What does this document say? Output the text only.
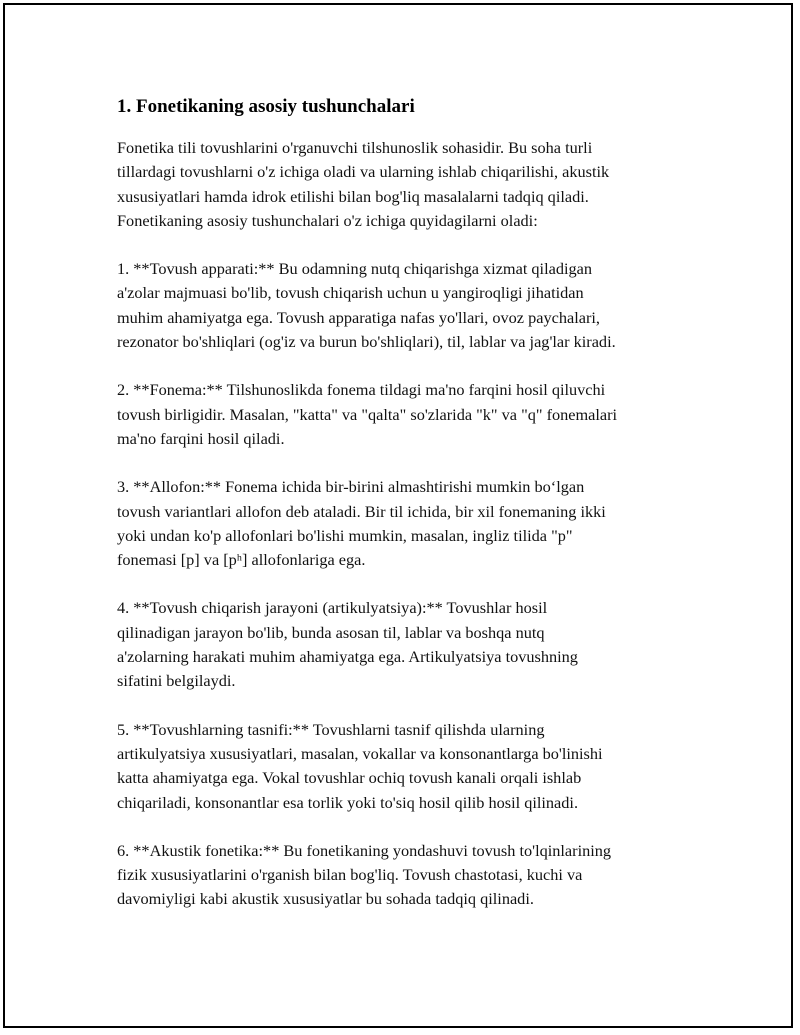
1. Fonetikaning asosiy tushunchalari

Fonetika tili tovushlarini o'rganuvchi tilshunoslik sohasidir. Bu soha turli
tillardagi tovushlarni o'z ichiga oladi va ularning ishlab chiqarilishi, akustik
xususiyatlari hamda idrok etilishi bilan bog'liq masalalarni tadqiq qiladi.
Fonetikaning asosiy tushunchalari o'z ichiga quyidagilarni oladi:

1. **Tovush apparati:** Bu odamning nutq chiqarishga xizmat qiladigan
a'zolar majmuasi bo'lib, tovush chiqarish uchun u yangiroqligi jihatidan
muhim ahamiyatga ega. Tovush apparatiga nafas yo'llari, ovoz paychalari,
rezonator bo'shliqlari (og'iz va burun bo'shliqlari), til, lablar va jag'lar kiradi.

2. **Fonema:** Tilshunoslikda fonema tildagi ma'no farqini hosil qiluvchi
tovush birligidir. Masalan, "katta" va "qalta" so'zlarida "k" va "q" fonemalari
ma'no farqini hosil qiladi.

3. **Allofon:** Fonema ichida bir-birini almashtirishi mumkin bo‘lgan
tovush variantlari allofon deb ataladi. Bir til ichida, bir xil fonemaning ikki
yoki undan ko'p allofonlari bo'lishi mumkin, masalan, ingliz tilida "p"
fonemasi [p] va [pʰ] allofonlariga ega.

4. **Tovush chiqarish jarayoni (artikulyatsiya):** Tovushlar hosil
qilinadigan jarayon bo'lib, bunda asosan til, lablar va boshqa nutq
a'zolarning harakati muhim ahamiyatga ega. Artikulyatsiya tovushning
sifatini belgilaydi.

5. **Tovushlarning tasnifi:** Tovushlarni tasnif qilishda ularning
artikulyatsiya xususiyatlari, masalan, vokallar va konsonantlarga bo'linishi
katta ahamiyatga ega. Vokal tovushlar ochiq tovush kanali orqali ishlab
chiqariladi, konsonantlar esa torlik yoki to'siq hosil qilib hosil qilinadi.

6. **Akustik fonetika:** Bu fonetikaning yondashuvi tovush to'lqinlarining
fizik xususiyatlarini o'rganish bilan bog'liq. Tovush chastotasi, kuchi va
davomiyligi kabi akustik xususiyatlar bu sohada tadqiq qilinadi.
